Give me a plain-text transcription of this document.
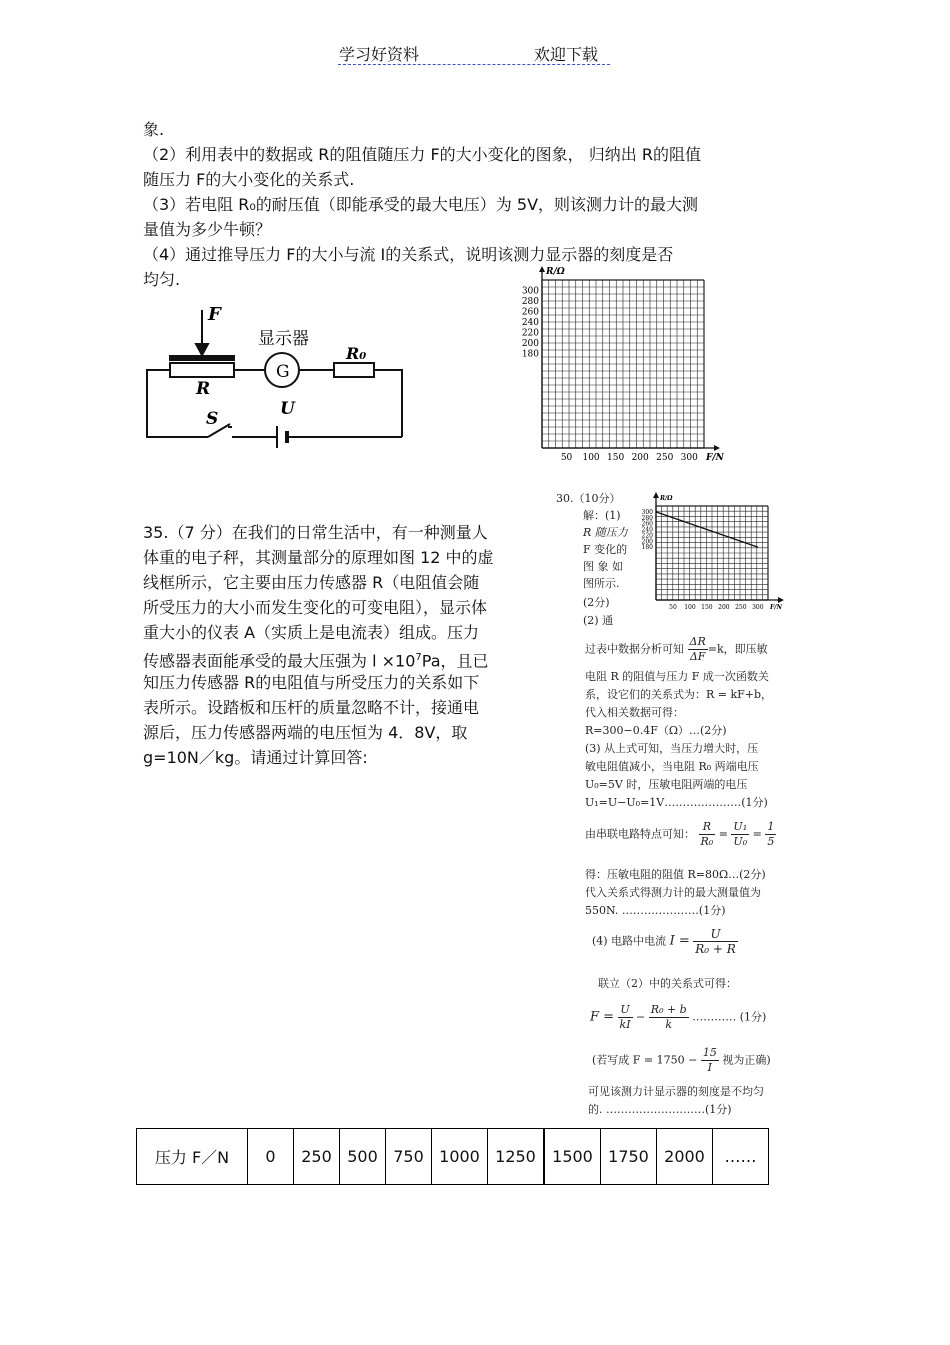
学习好资料	欢迎下载
象.
（2）利用表中的数据或 R的阻值随压力 F的大小变化的图象， 归纳出 R的阻值
随压力 F的大小变化的关系式.
（3）若电阻 R₀的耐压值（即能承受的最大电压）为 5V，则该测力计的最大测
量值为多少牛顿？
（4）通过推导压力 F的大小与流 I的关系式，说明该测力显示器的刻度是否
均匀.
F
显示器
G
R₀
R
S	U
300
280
260
240
220
200
180
50 100 150 200 250 300
R/Ω
F/N
35.（7 分）在我们的日常生活中，有一种测量人
体重的电子秤，其测量部分的原理如图 12 中的虚
线框所示，它主要由压力传感器 R（电阻值会随
所受压力的大小而发生变化的可变电阻），显示体
重大小的仪表 A（实质上是电流表）组成。压力
传感器表面能承受的最大压强为 $l \times 10^7Pa$，且已
知压力传感器 R的电阻值与所受压力的关系如下
表所示。设踏板和压杆的质量忽略不计，接通电
源后，压力传感器两端的电压恒为 4．8V，取
g=10N／kg。请通过计算回答:
30.（10分）
解：(1)
R 随压力
F 变化的
图 象 如
图所示.
(2分)
(2) 通
300
280
260
240
220
200
180
50 100 150 200 250 300
R/Ω
F/N
过表中数据分析可知 $\frac{\Delta R}{\Delta F} =k$，即压敏
电阻 R 的阻值与压力 F 成一次函数关
系，设它们的关系式为：R = kF+b，
代入相关数据可得：
R=300−0.4F（Ω）…(2分)
(3) 从上式可知，当压力增大时，压
敏电阻值减小，当电阻 R₀ 两端电压
U₀=5V 时，压敏电阻两端的电压
U₁=U−U₀=1V…………………(1分)
由串联电路特点可知： $\frac{R}{\text{R₀}} = \frac{\text{U₁}}{\text{U₀}} = \frac{1}{5}$
得：压敏电阻的阻值 R=80Ω…(2分)
代入关系式得测力计的最大测量值为
550N. …………………(1分)
(4) 电路中电流 $I = \frac{U}{\text{R₀ + R}}$
联立（2）中的关系式可得：
$F = \frac{U}{kI} - \frac{\text{R₀ + b}}{k}$ ………… (1分)
(若写成 $F = 1750 - \frac{15}{I}$ 视为正确)
可见该测力计显示器的刻度是不均匀
的. ………………………(1分)
压力 F／N	0	250	500	750	1000	1250	1500	1750	2000	……
